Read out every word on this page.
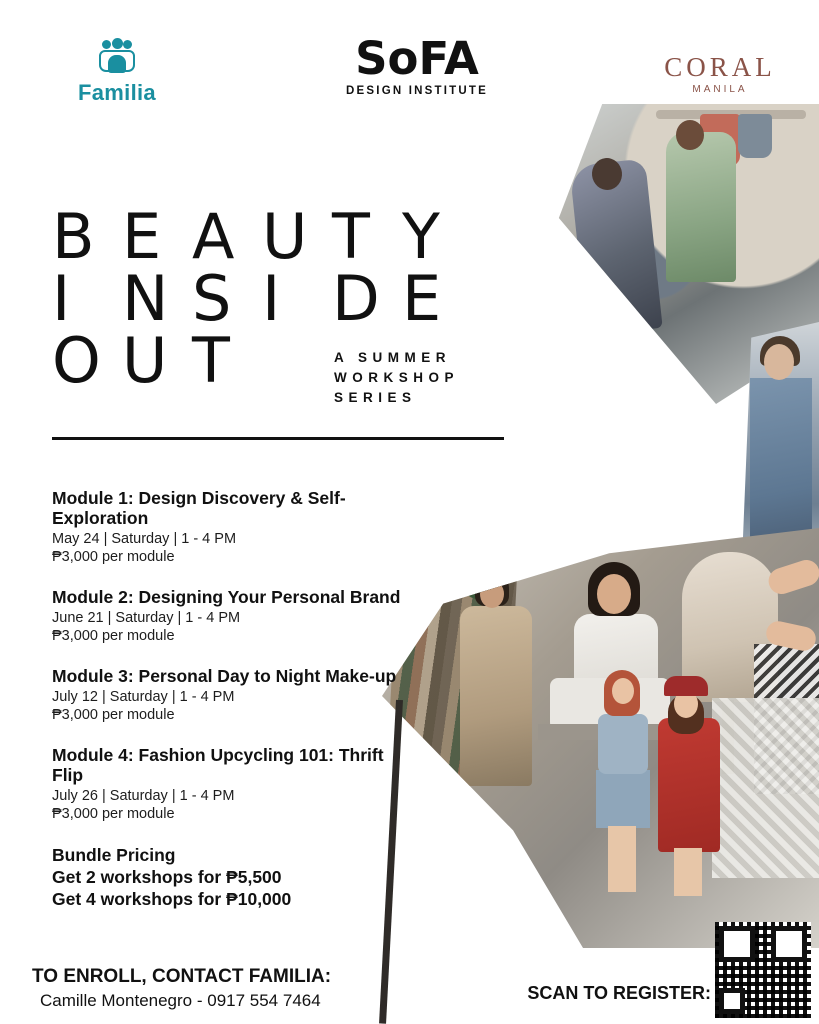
Familia
SoFA
DESIGN INSTITUTE
CORAL
MANILA
B E A U T Y
I N S I D E
O U T	A SUMMER
WORKSHOP
SERIES
Module 1: Design Discovery & Self-Exploration
May 24 | Saturday | 1 - 4 PM
₱3,000 per module
Module 2: Designing Your Personal Brand
June 21 | Saturday | 1 - 4 PM
₱3,000 per module
Module 3: Personal Day to Night Make-up
July 12 | Saturday | 1 - 4 PM
₱3,000 per module
Module 4: Fashion Upcycling 101: Thrift Flip
July 26 | Saturday | 1 - 4 PM
₱3,000 per module
Bundle Pricing
Get 2 workshops for ₱5,500
Get 4 workshops for ₱10,000
TO ENROLL, CONTACT FAMILIA:
Camille Montenegro - 0917 554 7464	SCAN TO REGISTER:
